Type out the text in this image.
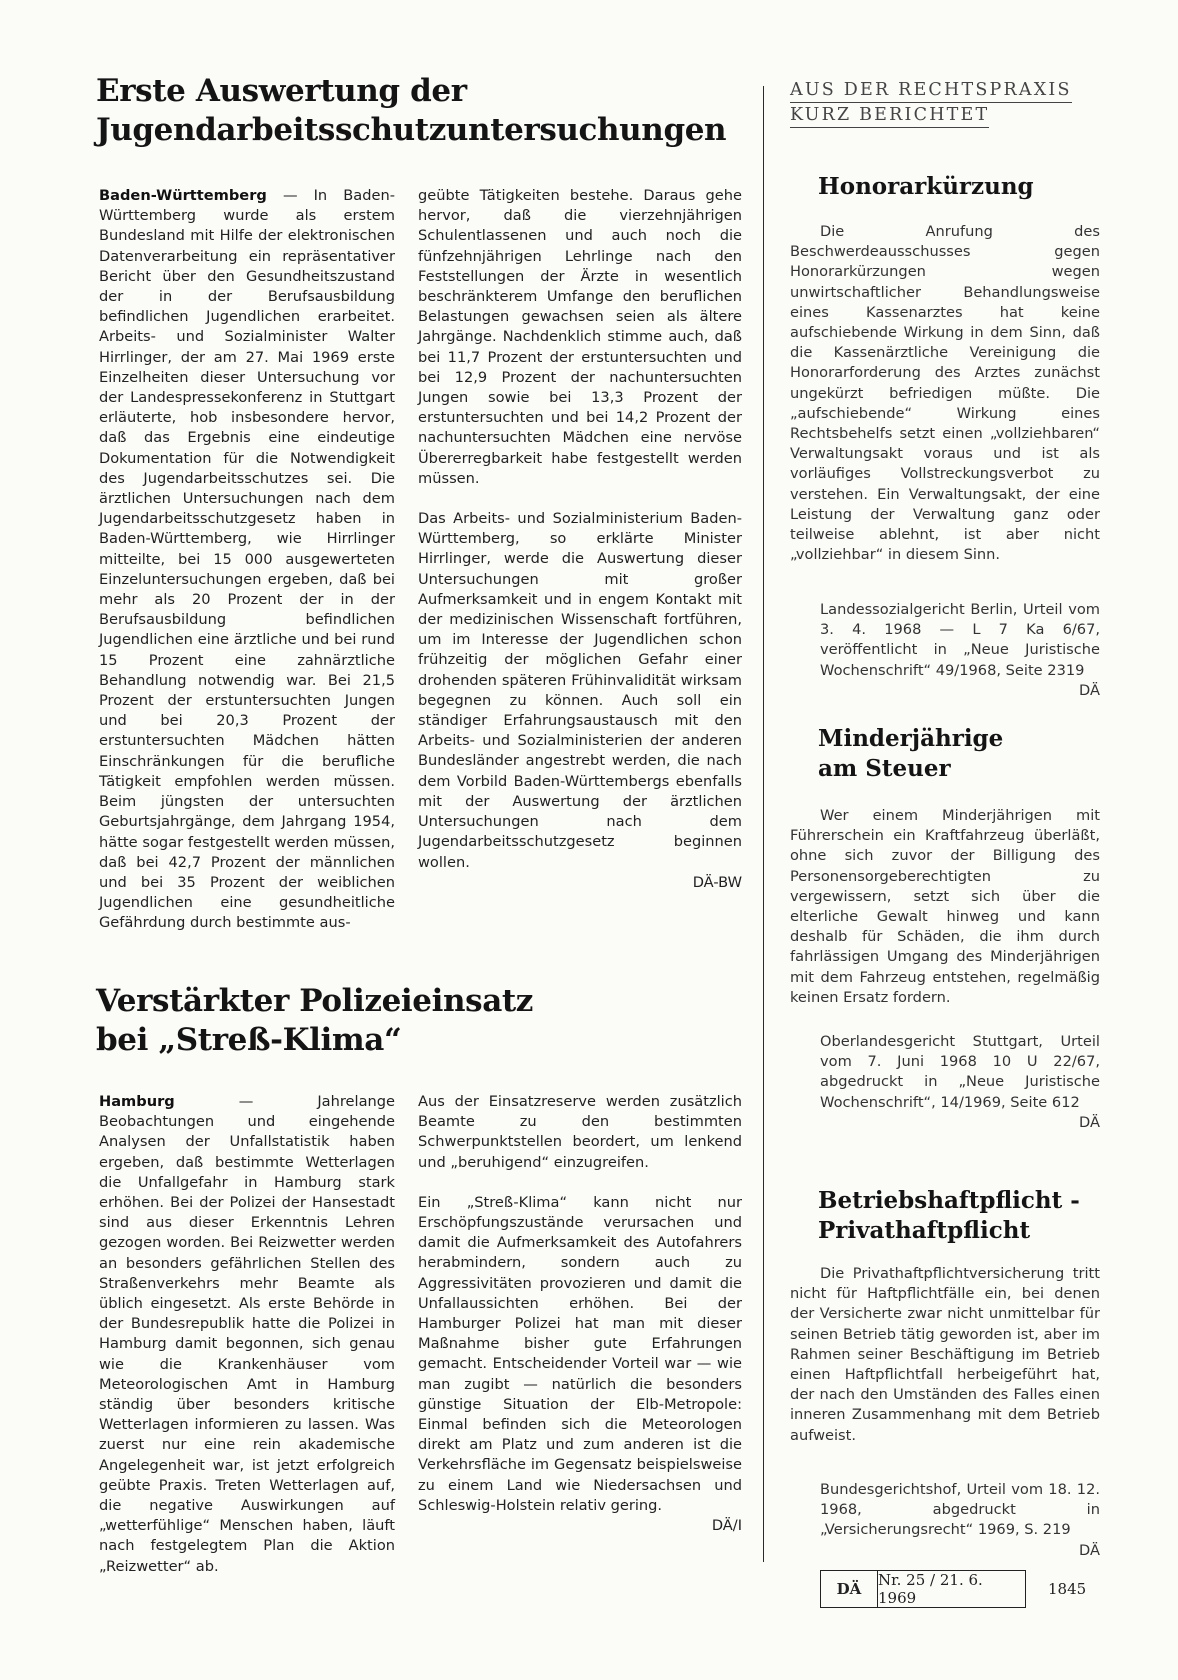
Erste Auswertung der
Jugendarbeitsschutzuntersuchungen

Baden-Württemberg — In Baden-Württemberg wurde als erstem Bundesland mit Hilfe der elektronischen Datenverarbeitung ein repräsentativer Bericht über den Gesundheitszustand der in der Berufsausbildung befindlichen Jugendlichen erarbeitet. Arbeits- und Sozialminister Walter Hirrlinger, der am 27. Mai 1969 erste Einzelheiten dieser Untersuchung vor der Landespressekonferenz in Stuttgart erläuterte, hob insbesondere hervor, daß das Ergebnis eine eindeutige Dokumentation für die Notwendigkeit des Jugendarbeitsschutzes sei. Die ärztlichen Untersuchungen nach dem Jugendarbeitsschutzgesetz haben in Baden-Württemberg, wie Hirrlinger mitteilte, bei 15 000 ausgewerteten Einzeluntersuchungen ergeben, daß bei mehr als 20 Prozent der in der Berufsausbildung befindlichen Jugendlichen eine ärztliche und bei rund 15 Prozent eine zahnärztliche Behandlung notwendig war. Bei 21,5 Prozent der erstuntersuchten Jungen und bei 20,3 Prozent der erstuntersuchten Mädchen hätten Einschränkungen für die berufliche Tätigkeit empfohlen werden müssen. Beim jüngsten der untersuchten Geburtsjahrgänge, dem Jahrgang 1954, hätte sogar festgestellt werden müssen, daß bei 42,7 Prozent der männlichen und bei 35 Prozent der weiblichen Jugendlichen eine gesundheitliche Gefährdung durch bestimmte aus-

geübte Tätigkeiten bestehe. Daraus gehe hervor, daß die vierzehnjährigen Schulentlassenen und auch noch die fünfzehnjährigen Lehrlinge nach den Feststellungen der Ärzte in wesentlich beschränkterem Umfange den beruflichen Belastungen gewachsen seien als ältere Jahrgänge. Nachdenklich stimme auch, daß bei 11,7 Prozent der erstuntersuchten und bei 12,9 Prozent der nachuntersuchten Jungen sowie bei 13,3 Prozent der erstuntersuchten und bei 14,2 Prozent der nachuntersuchten Mädchen eine nervöse Übererregbarkeit habe festgestellt werden müssen.

Das Arbeits- und Sozialministerium Baden-Württemberg, so erklärte Minister Hirrlinger, werde die Auswertung dieser Untersuchungen mit großer Aufmerksamkeit und in engem Kontakt mit der medizinischen Wissenschaft fortführen, um im Interesse der Jugendlichen schon frühzeitig der möglichen Gefahr einer drohenden späteren Frühinvalidität wirksam begegnen zu können. Auch soll ein ständiger Erfahrungsaustausch mit den Arbeits- und Sozialministerien der anderen Bundesländer angestrebt werden, die nach dem Vorbild Baden-Württembergs ebenfalls mit der Auswertung der ärztlichen Untersuchungen nach dem Jugendarbeitsschutzgesetz beginnen wollen.
DÄ-BW

Verstärkter Polizeieinsatz
bei „Streß-Klima“

Hamburg — Jahrelange Beobachtungen und eingehende Analysen der Unfallstatistik haben ergeben, daß bestimmte Wetterlagen die Unfallgefahr in Hamburg stark erhöhen. Bei der Polizei der Hansestadt sind aus dieser Erkenntnis Lehren gezogen worden. Bei Reizwetter werden an besonders gefährlichen Stellen des Straßenverkehrs mehr Beamte als üblich eingesetzt. Als erste Behörde in der Bundesrepublik hatte die Polizei in Hamburg damit begonnen, sich genau wie die Krankenhäuser vom Meteorologischen Amt in Hamburg ständig über besonders kritische Wetterlagen informieren zu lassen. Was zuerst nur eine rein akademische Angelegenheit war, ist jetzt erfolgreich geübte Praxis. Treten Wetterlagen auf, die negative Auswirkungen auf „wetterfühlige“ Menschen haben, läuft nach festgelegtem Plan die Aktion „Reizwetter“ ab.

Aus der Einsatzreserve werden zusätzlich Beamte zu den bestimmten Schwerpunktstellen beordert, um lenkend und „beruhigend“ einzugreifen.

Ein „Streß-Klima“ kann nicht nur Erschöpfungszustände verursachen und damit die Aufmerksamkeit des Autofahrers herabmindern, sondern auch zu Aggressivitäten provozieren und damit die Unfallaussichten erhöhen. Bei der Hamburger Polizei hat man mit dieser Maßnahme bisher gute Erfahrungen gemacht. Entscheidender Vorteil war — wie man zugibt — natürlich die besonders günstige Situation der Elb-Metropole: Einmal befinden sich die Meteorologen direkt am Platz und zum anderen ist die Verkehrsfläche im Gegensatz beispielsweise zu einem Land wie Niedersachsen und Schleswig-Holstein relativ gering.
DÄ/I

AUS DER RECHTSPRAXIS
KURZ BERICHTET
Honorarkürzung

Die Anrufung des Beschwerdeausschusses gegen Honorarkürzungen wegen unwirtschaftlicher Behandlungsweise eines Kassenarztes hat keine aufschiebende Wirkung in dem Sinn, daß die Kassenärztliche Vereinigung die Honorarforderung des Arztes zunächst ungekürzt befriedigen müßte. Die „aufschiebende“ Wirkung eines Rechtsbehelfs setzt einen „vollziehbaren“ Verwaltungsakt voraus und ist als vorläufiges Vollstreckungsverbot zu verstehen. Ein Verwaltungsakt, der eine Leistung der Verwaltung ganz oder teilweise ablehnt, ist aber nicht „vollziehbar“ in diesem Sinn.

Landessozialgericht Berlin, Urteil vom 3. 4. 1968 — L 7 Ka 6/67, veröffentlicht in „Neue Juristische Wochenschrift“ 49/1968, Seite 2319
DÄ
Minderjährige
am Steuer

Wer einem Minderjährigen mit Führerschein ein Kraftfahrzeug überläßt, ohne sich zuvor der Billigung des Personensorgeberechtigten zu vergewissern, setzt sich über die elterliche Gewalt hinweg und kann deshalb für Schäden, die ihm durch fahrlässigen Umgang des Minderjährigen mit dem Fahrzeug entstehen, regelmäßig keinen Ersatz fordern.

Oberlandesgericht Stuttgart, Urteil vom 7. Juni 1968 10 U 22/67, abgedruckt in „Neue Juristische Wochenschrift“, 14/1969, Seite 612
DÄ
Betriebshaftpflicht -
Privathaftpflicht

Die Privathaftpflichtversicherung tritt nicht für Haftpflichtfälle ein, bei denen der Versicherte zwar nicht unmittelbar für seinen Betrieb tätig geworden ist, aber im Rahmen seiner Beschäftigung im Betrieb einen Haftpflichtfall herbeigeführt hat, der nach den Umständen des Falles einen inneren Zusammenhang mit dem Betrieb aufweist.

Bundesgerichtshof, Urteil vom 18. 12. 1968, abgedruckt in „Versicherungsrecht“ 1969, S. 219
DÄ
DÄ	Nr. 25 / 21. 6. 1969	1845
